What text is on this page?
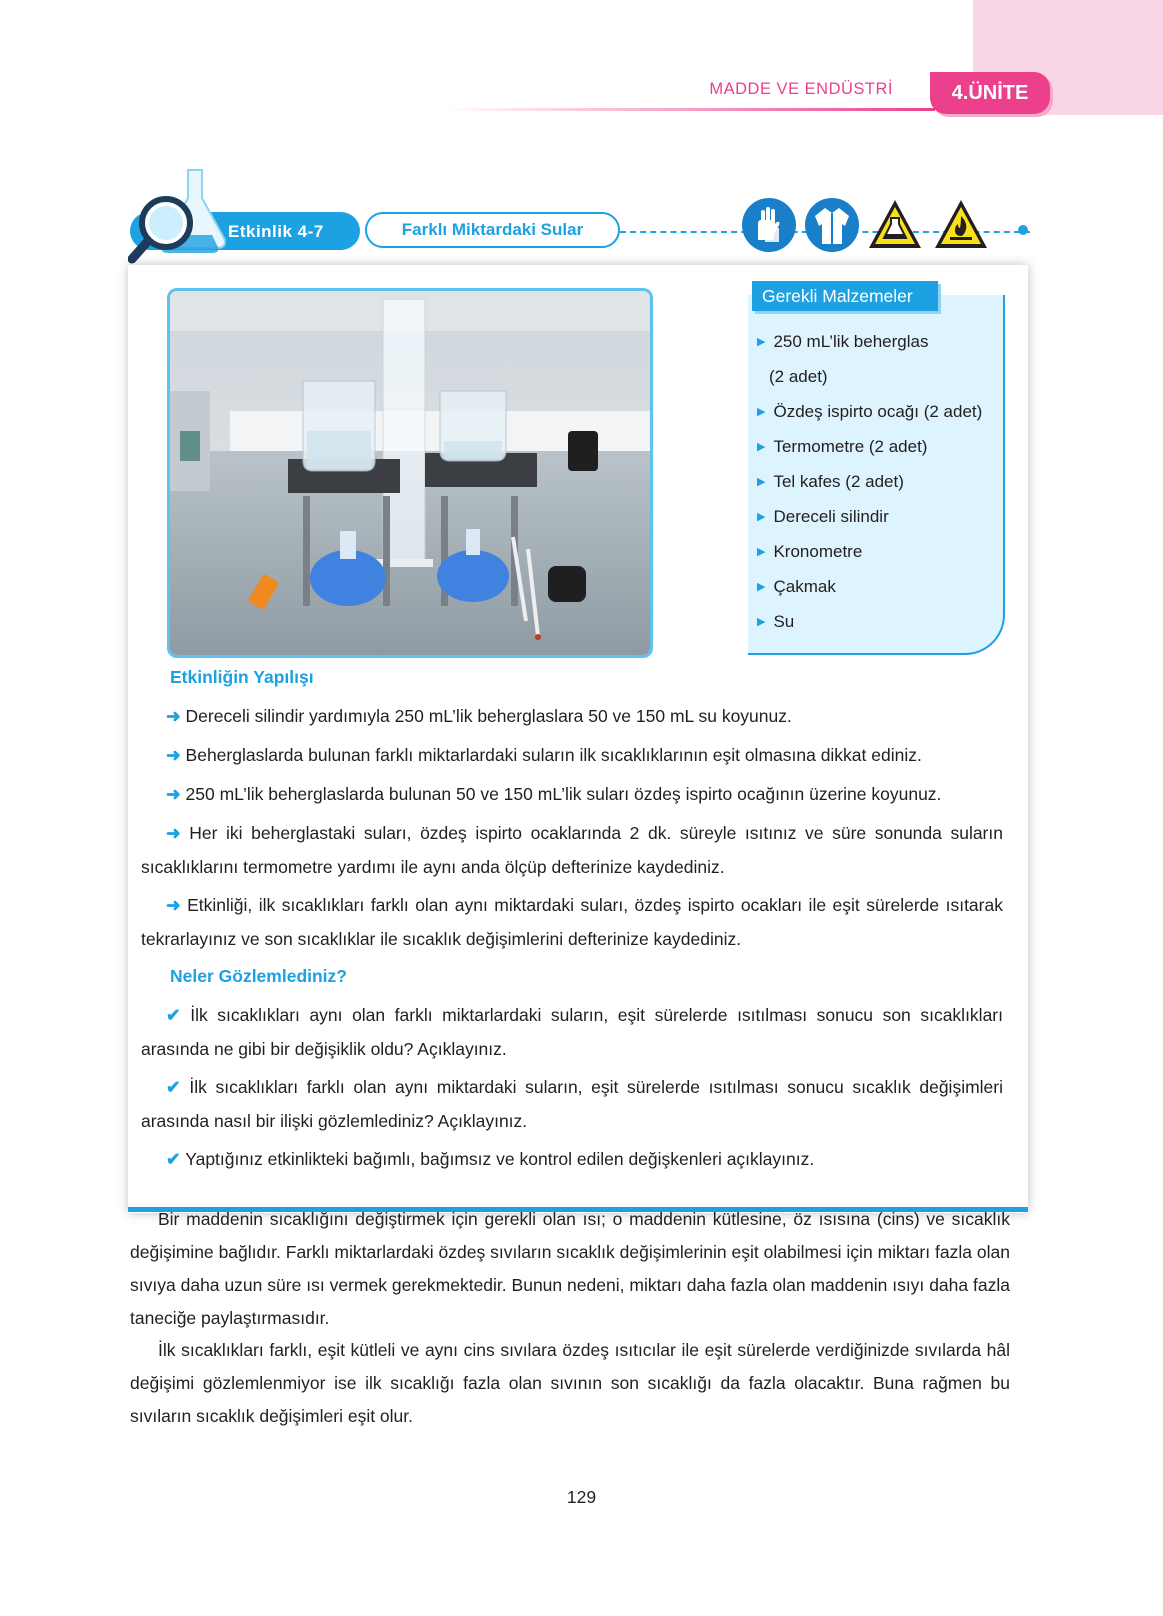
MADDE VE ENDÜSTRİ	4.ÜNİTE
Etkinlik 4-7	Farklı Miktardaki Sular
Gerekli Malzemeler
▶ 250 mL’lik beherglas
(2 adet)
▶ Özdeş ispirto ocağı (2 adet)
▶ Termometre (2 adet)
▶ Tel kafes (2 adet)
▶ Dereceli silindir
▶ Kronometre
▶ Çakmak
▶ Su
Etkinliğin Yapılışı
➜ Dereceli silindir yardımıyla 250 mL’lik beherglaslara 50 ve 150 mL su koyunuz.
➜ Beherglaslarda bulunan farklı miktarlardaki suların ilk sıcaklıklarının eşit olmasına dikkat ediniz.
➜ 250 mL’lik beherglaslarda bulunan 50 ve 150 mL’lik suları özdeş ispirto ocağının üzerine koyunuz.
➜ Her iki beherglastaki suları, özdeş ispirto ocaklarında 2 dk. süreyle ısıtınız ve süre sonunda suların sıcaklıklarını termometre yardımı ile aynı anda ölçüp defterinize kaydediniz.
➜ Etkinliği, ilk sıcaklıkları farklı olan aynı miktardaki suları, özdeş ispirto ocakları ile eşit sürelerde ısıtarak tekrarlayınız ve son sıcaklıklar ile sıcaklık değişimlerini defterinize kaydediniz.
Neler Gözlemlediniz?
✔ İlk sıcaklıkları aynı olan farklı miktarlardaki suların, eşit sürelerde ısıtılması sonucu son sıcaklıkları arasında ne gibi bir değişiklik oldu? Açıklayınız.
✔ İlk sıcaklıkları farklı olan aynı miktardaki suların, eşit sürelerde ısıtılması sonucu sıcaklık değişimleri arasında nasıl bir ilişki gözlemlediniz? Açıklayınız.
✔ Yaptığınız etkinlikteki bağımlı, bağımsız ve kontrol edilen değişkenleri açıklayınız.
Bir maddenin sıcaklığını değiştirmek için gerekli olan ısı; o maddenin kütlesine, öz ısısına (cins) ve sıcaklık değişimine bağlıdır. Farklı miktarlardaki özdeş sıvıların sıcaklık değişimlerinin eşit olabilmesi için miktarı fazla olan sıvıya daha uzun süre ısı vermek gerekmektedir. Bunun nedeni, miktarı daha fazla olan maddenin ısıyı daha fazla taneciğe paylaştırmasıdır.
İlk sıcaklıkları farklı, eşit kütleli ve aynı cins sıvılara özdeş ısıtıcılar ile eşit sürelerde verdiğinizde sıvılarda hâl değişimi gözlemlenmiyor ise ilk sıcaklığı fazla olan sıvının son sıcaklığı da fazla olacaktır. Buna rağmen bu sıvıların sıcaklık değişimleri eşit olur.
129
